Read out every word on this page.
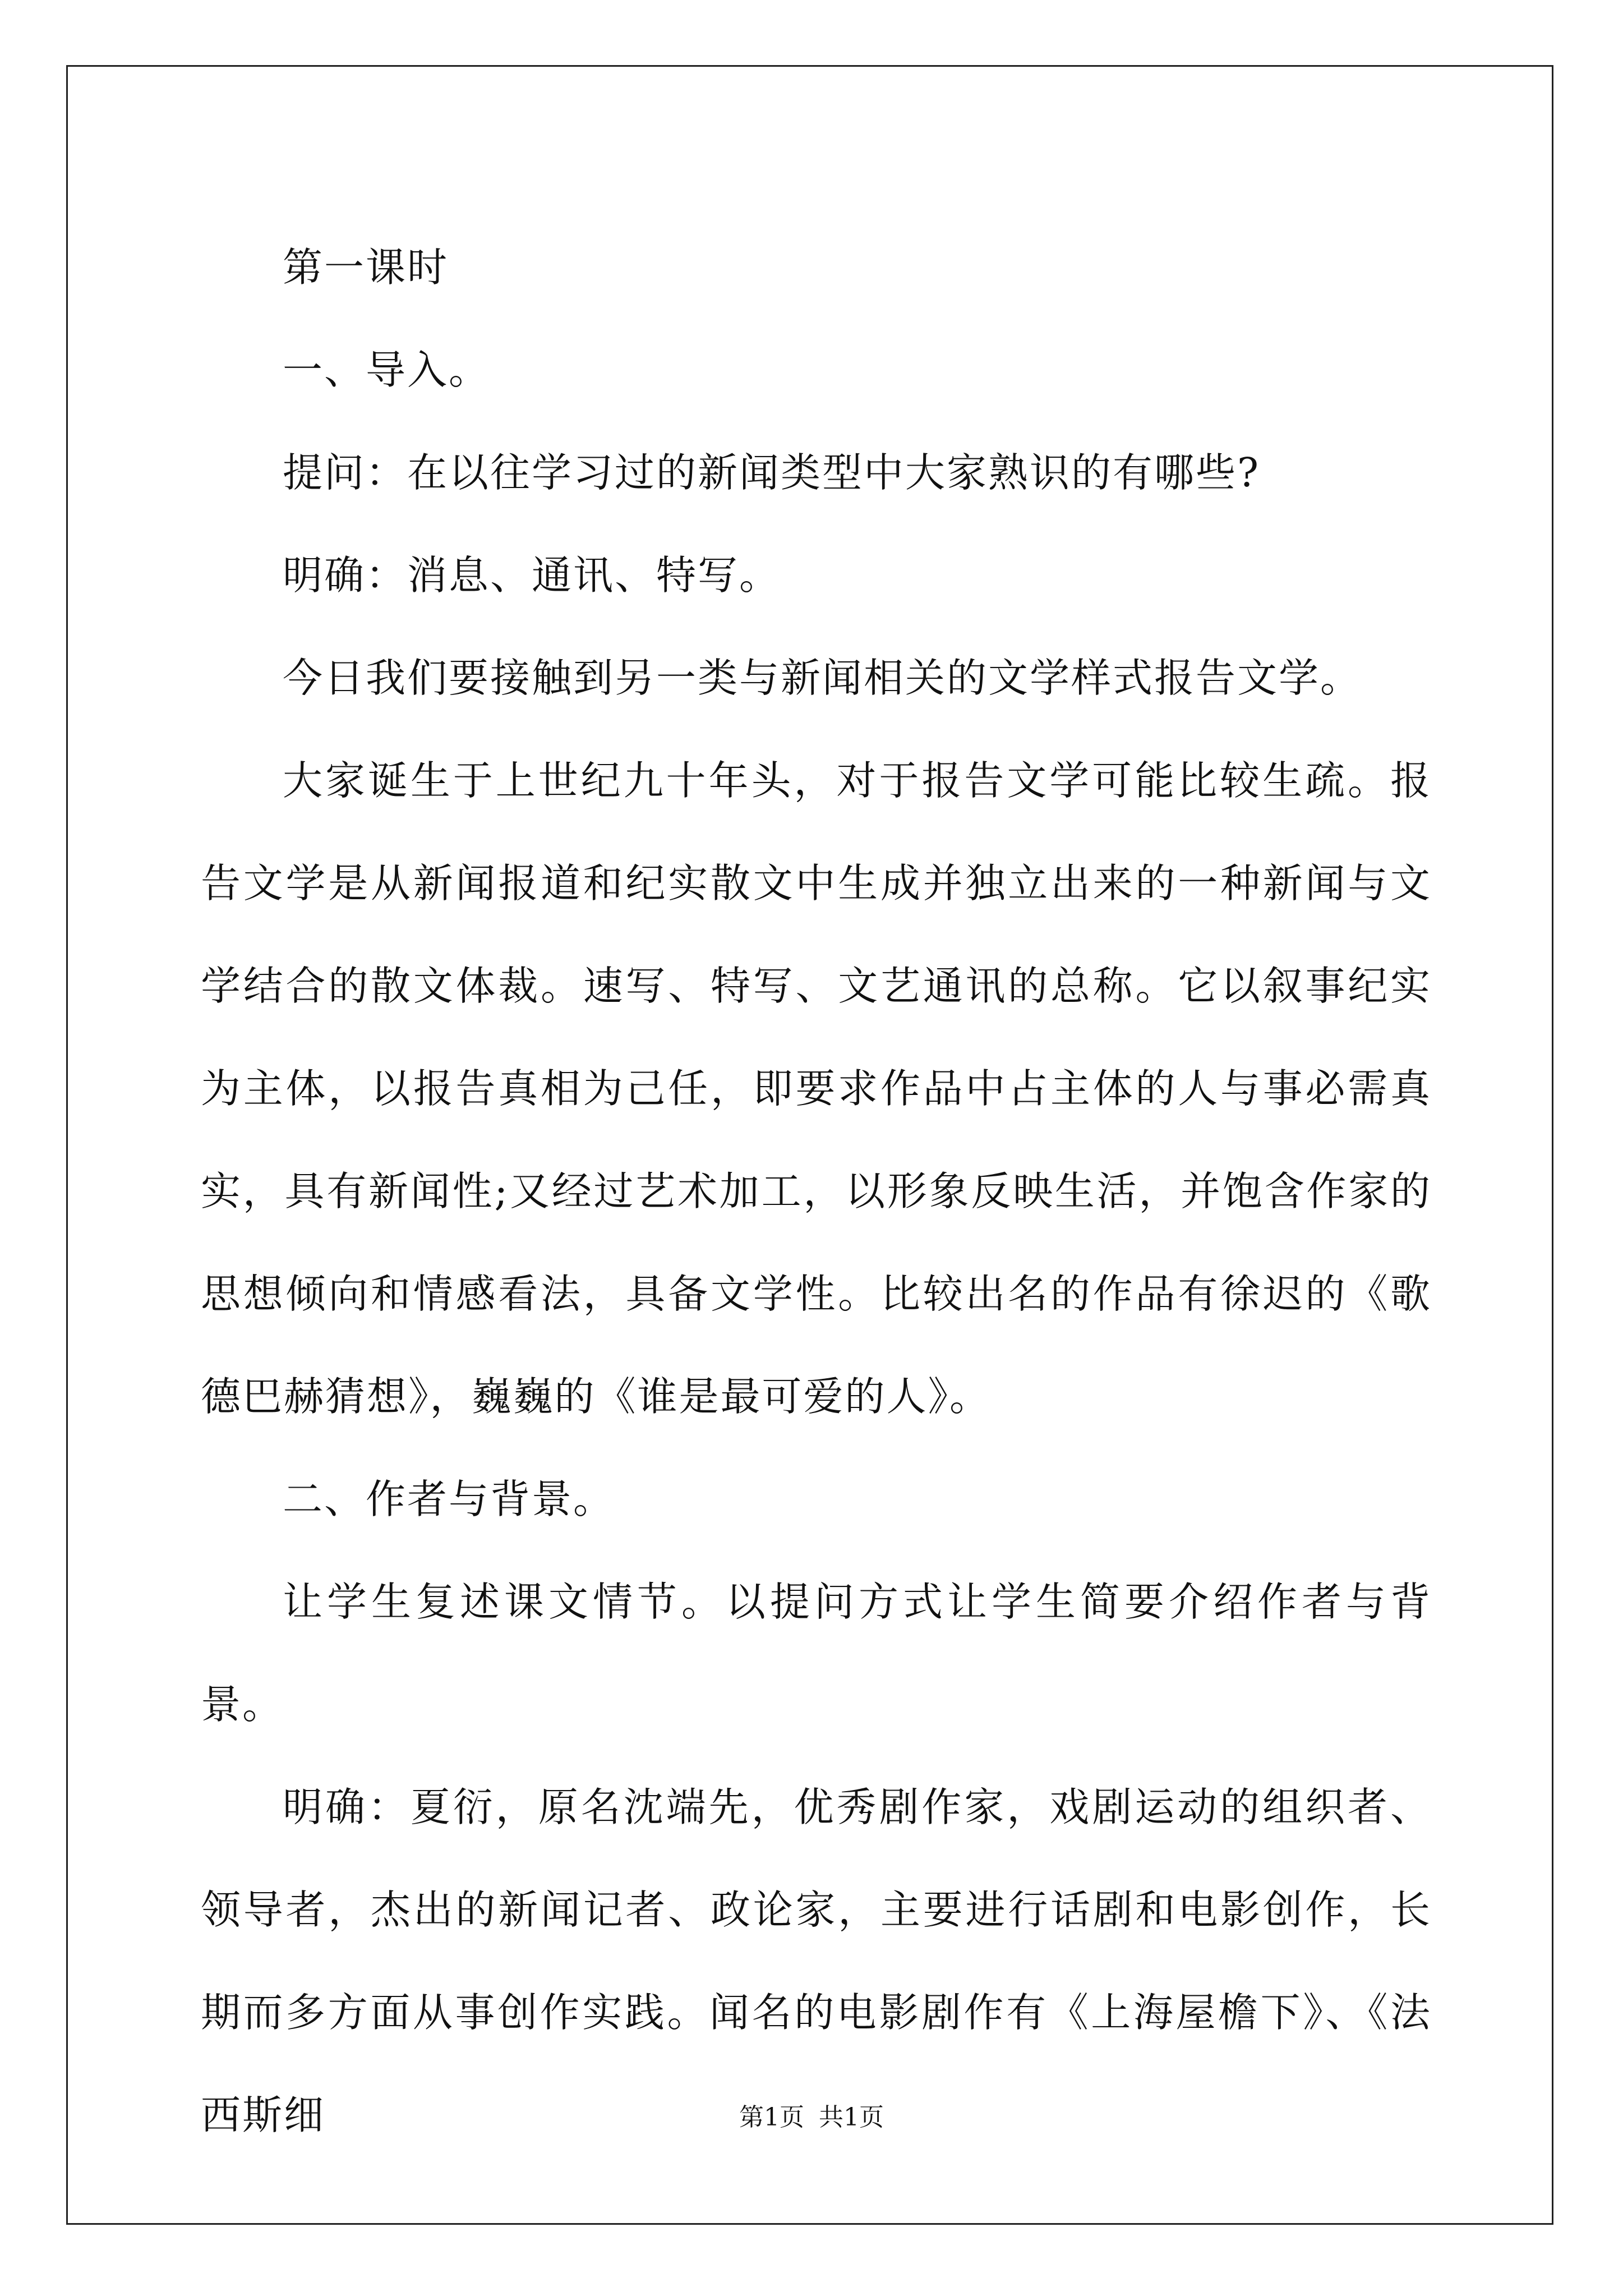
第一课时

一、导入。

提问：在以往学习过的新闻类型中大家熟识的有哪些?

明确：消息、通讯、特写。

今日我们要接触到另一类与新闻相关的文学样式报告文学。

大家诞生于上世纪九十年头，对于报告文学可能比较生疏。报告文学是从新闻报道和纪实散文中生成并独立出来的一种新闻与文学结合的散文体裁。速写、特写、文艺通讯的总称。它以叙事纪实为主体，以报告真相为己任，即要求作品中占主体的人与事必需真实，具有新闻性;又经过艺术加工，以形象反映生活，并饱含作家的思想倾向和情感看法，具备文学性。比较出名的作品有徐迟的《歌德巴赫猜想》，巍巍的《谁是最可爱的人》。

二、作者与背景。

让学生复述课文情节。以提问方式让学生简要介绍作者与背景。

明确：夏衍，原名沈端先，优秀剧作家，戏剧运动的组织者、领导者，杰出的新闻记者、政论家，主要进行话剧和电影创作，长期而多方面从事创作实践。闻名的电影剧作有《上海屋檐下》、《法西斯细	第1页 共1页
